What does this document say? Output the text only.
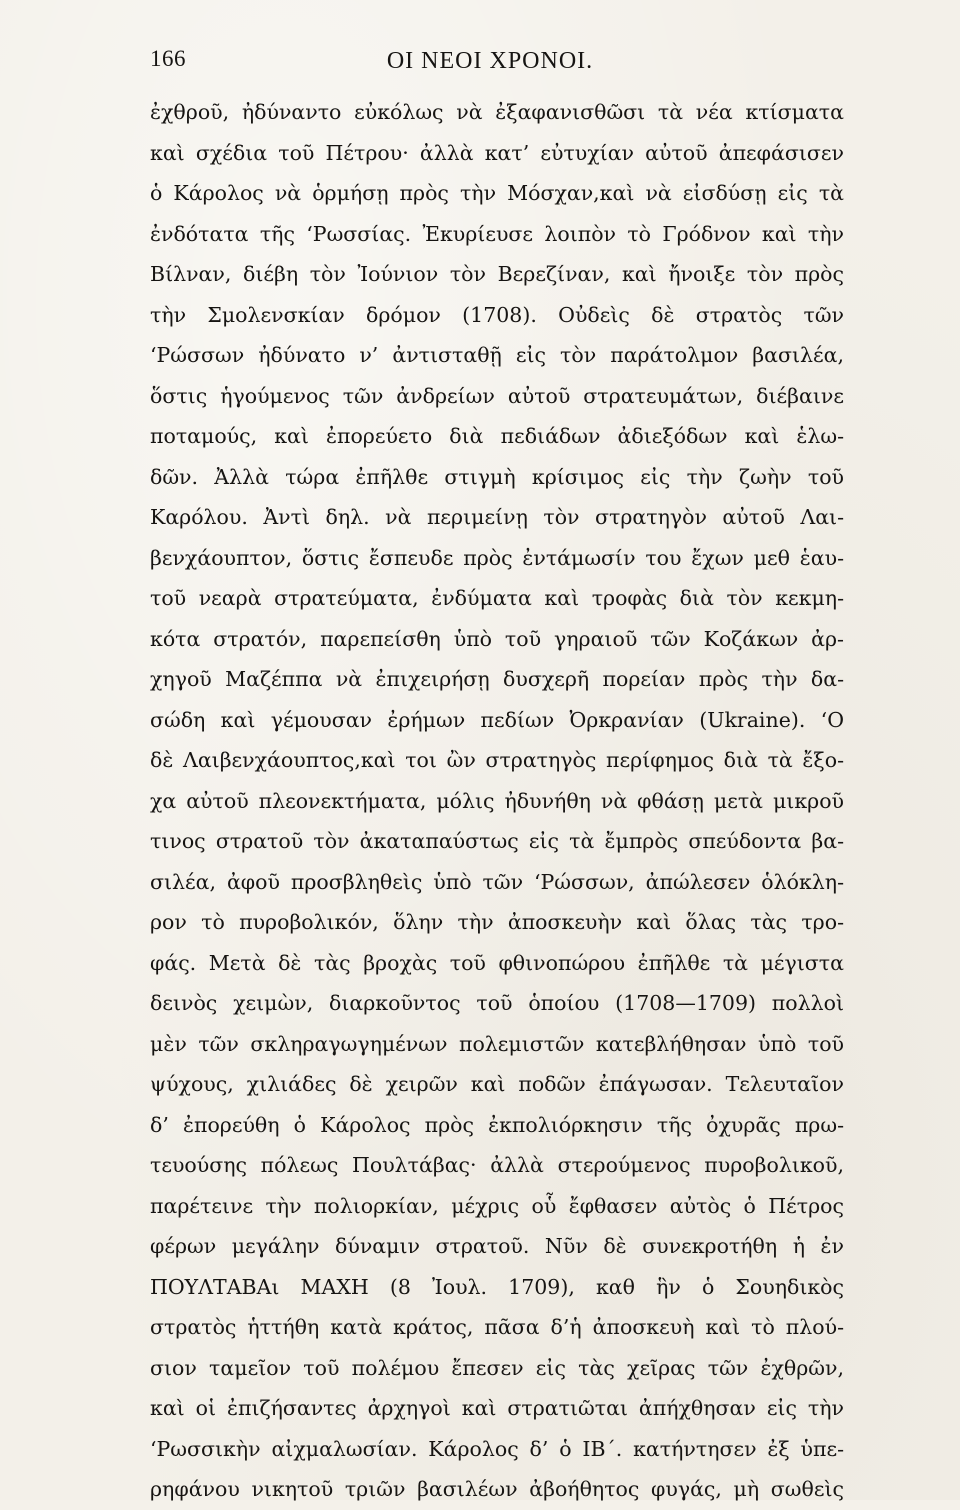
166	ΟΙ ΝΕΟΙ ΧΡΟΝΟΙ.
ἐχθροῦ, ἠδύναντο εὐκόλως νὰ ἐξαφανισθῶσι τὰ νέα κτίσματα
καὶ σχέδια τοῦ Πέτρου· ἀλλὰ κατ’ εὐτυχίαν αὐτοῦ ἀπεφάσισεν
ὁ Κάρολος νὰ ὁρμήσῃ πρὸς τὴν Μόσχαν,καὶ νὰ εἰσδύσῃ εἰς τὰ
ἐνδότατα τῆς ‘Ρωσσίας. Ἐκυρίευσε λοιπὸν τὸ Γρόδνον καὶ τὴν
Βίλναν, διέβη τὸν Ἰούνιον τὸν Βερεζίναν, καὶ ἤνοιξε τὸν πρὸς
τὴν Σμολενσκίαν δρόμον (1708). Οὐδεὶς δὲ στρατὸς τῶν
‘Ρώσσων ἠδύνατο ν’ ἀντισταθῇ εἰς τὸν παράτολμον βασιλέα,
ὅστις ἡγούμενος τῶν ἀνδρείων αὐτοῦ στρατευμάτων, διέβαινε
ποταμούς, καὶ ἐπορεύετο διὰ πεδιάδων ἀδιεξόδων καὶ ἑλω-
δῶν. Ἀλλὰ τώρα ἐπῆλθε στιγμὴ κρίσιμος εἰς τὴν ζωὴν τοῦ
Καρόλου. Ἀντὶ δηλ. νὰ περιμείνῃ τὸν στρατηγὸν αὐτοῦ Λαι-
βενχάουπτον, ὅστις ἔσπευδε πρὸς ἐντάμωσίν του ἔχων μεθ ἑαυ-
τοῦ νεαρὰ στρατεύματα, ἐνδύματα καὶ τροφὰς διὰ τὸν κεκμη-
κότα στρατόν, παρεπείσθη ὑπὸ τοῦ γηραιοῦ τῶν Κοζάκων ἀρ-
χηγοῦ Μαζέππα νὰ ἐπιχειρήσῃ δυσχερῆ πορείαν πρὸς τὴν δα-
σώδη καὶ γέμουσαν ἐρήμων πεδίων Ὀρκρανίαν (Ukraine). ‘Ο
δὲ Λαιβενχάουπτος,καὶ τοι ὢν στρατηγὸς περίφημος διὰ τὰ ἔξο-
χα αὐτοῦ πλεονεκτήματα, μόλις ἠδυνήθη νὰ φθάσῃ μετὰ μικροῦ
τινος στρατοῦ τὸν ἀκαταπαύστως εἰς τὰ ἔμπρὸς σπεύδοντα βα-
σιλέα, ἀφοῦ προσβληθεὶς ὑπὸ τῶν ‘Ρώσσων, ἀπώλεσεν ὁλόκλη-
ρον τὸ πυροβολικόν, ὅλην τὴν ἀποσκευὴν καὶ ὅλας τὰς τρο-
φάς. Μετὰ δὲ τὰς βροχὰς τοῦ φθινοπώρου ἐπῆλθε τὰ μέγιστα
δεινὸς χειμὼν, διαρκοῦντος τοῦ ὁποίου (1708—1709) πολλοὶ
μὲν τῶν σκληραγωγημένων πολεμιστῶν κατεβλήθησαν ὑπὸ τοῦ
ψύχους, χιλιάδες δὲ χειρῶν καὶ ποδῶν ἐπάγωσαν. Τελευταῖον
δ’ ἐπορεύθη ὁ Κάρολος πρὸς ἐκπολιόρκησιν τῆς ὀχυρᾶς πρω-
τευούσης πόλεως Πουλτάβας· ἀλλὰ στερούμενος πυροβολικοῦ,
παρέτεινε τὴν πολιορκίαν, μέχρις οὗ ἔφθασεν αὐτὸς ὁ Πέτρος
φέρων μεγάλην δύναμιν στρατοῦ. Νῦν δὲ συνεκροτήθη ἡ ἐν
ΠΟΥΛΤΑΒΑι ΜΑΧΗ (8 Ἰουλ. 1709), καθ ἣν ὁ Σουηδικὸς
στρατὸς ἡττήθη κατὰ κράτος, πᾶσα δ’ἡ ἀποσκευὴ καὶ τὸ πλού-
σιον ταμεῖον τοῦ πολέμου ἔπεσεν εἰς τὰς χεῖρας τῶν ἐχθρῶν,
καὶ οἱ ἐπιζήσαντες ἀρχηγοὶ καὶ στρατιῶται ἀπήχθησαν εἰς τὴν
‘Ρωσσικὴν αἰχμαλωσίαν. Κάρολος δ’ ὁ ΙΒ΄. κατήντησεν ἐξ ὑπε-
ρηφάνου νικητοῦ τριῶν βασιλέων ἀβοήθητος φυγάς, μὴ σωθεὶς
